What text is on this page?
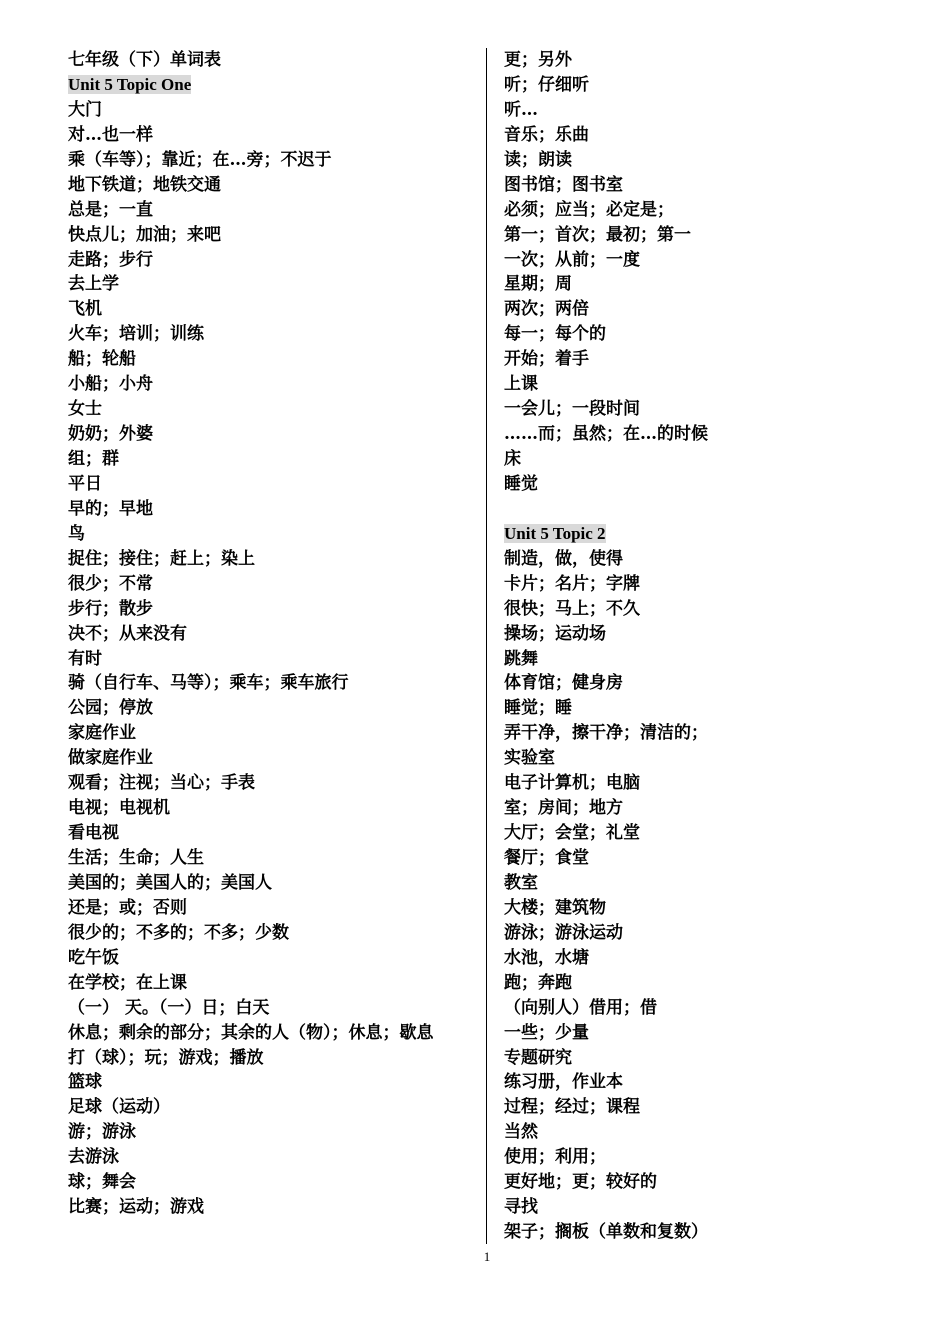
七年级（下）单词表
Unit 5 Topic One
大门
对…也一样
乘（车等）；靠近；在…旁；不迟于
地下铁道；地铁交通
总是；一直
快点儿；加油；来吧
走路；步行
去上学
飞机
火车；培训；训练
船；轮船
小船；小舟
女士
奶奶；外婆
组；群
平日
早的；早地
鸟
捉住；接住；赶上；染上
很少；不常
步行；散步
决不；从来没有
有时
骑（自行车、马等）；乘车；乘车旅行
公园；停放
家庭作业
做家庭作业
观看；注视；当心；手表
电视；电视机
看电视
生活；生命；人生
美国的；美国人的；美国人
还是；或；否则
很少的；不多的；不多；少数
吃午饭
在学校；在上课
（一） 天。（一）日；白天
休息；剩余的部分；其余的人（物）；休息；歇息
打（球）；玩；游戏；播放
篮球
足球（运动）
游；游泳
去游泳
球；舞会
比赛；运动；游戏
更；另外
听；仔细听
听…
音乐；乐曲
读；朗读
图书馆；图书室
必须；应当；必定是；
第一；首次；最初；第一
一次；从前；一度
星期；周
两次；两倍
每一；每个的
开始；着手
上课
一会儿；一段时间
……而；虽然；在…的时候
床
睡觉
Unit 5 Topic 2
制造，做，使得
卡片；名片；字牌
很快；马上；不久
操场；运动场
跳舞
体育馆；健身房
睡觉；睡
弄干净，擦干净；清洁的；
实验室
电子计算机；电脑
室；房间；地方
大厅；会堂；礼堂
餐厅；食堂
教室
大楼；建筑物
游泳；游泳运动
水池，水塘
跑；奔跑
（向别人）借用；借
一些；少量
专题研究
练习册，作业本
过程；经过；课程
当然
使用；利用；
更好地；更；较好的
寻找
架子；搁板（单数和复数）
1
